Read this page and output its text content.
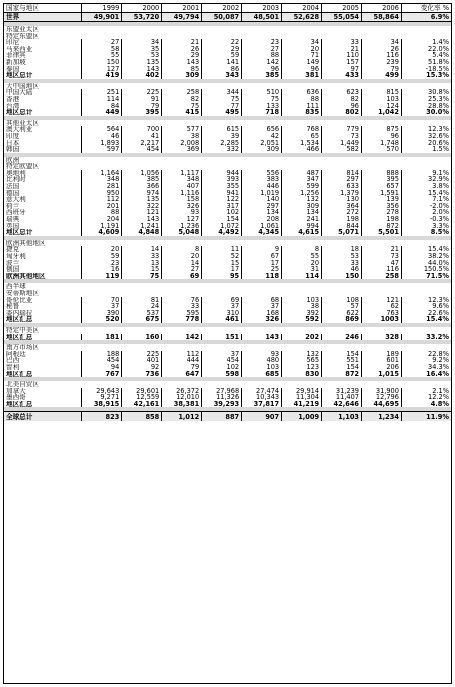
国家与地区	1999	2000	2001	2002	2003	2004	2005	2006	变化率 %
世界	49,901	53,720	49,794	50,087	48,501	52,628	55,054	58,864	6.9%

东盟亚太区									
特定东盟区									
印尼	27	34	21	22	23	34	33	34	1.4%
马来西亚	58	35	26	29	27	20	21	26	22.0%
菲律宾	55	53	29	59	88	71	110	116	5.4%
新加坡	150	135	143	141	142	149	157	239	51.8%
泰国	127	143	85	86	96	96	97	79	-18.5%
地区总计	419	402	309	343	385	381	433	499	15.3%

大中国地区									
中国大陆	251	225	258	344	510	636	623	815	30.8%
香港	114	91	82	75	75	88	82	103	25.3%
台湾	84	79	75	77	133	111	96	124	28.8%
地区总计	449	395	415	495	718	835	802	1,042	30.0%

其他亚太区									
澳大利亚	564	700	577	615	656	768	779	875	12.3%
印度	46	41	38	39	42	65	73	96	32.6%
日本	1,893	2,217	2,008	2,285	2,051	1,534	1,449	1,748	20.6%
韩国	597	454	369	332	309	466	582	570	1.5%

欧洲									
特定欧盟区									
奥地利	1,164	1,056	1,117	944	556	487	814	888	9.1%
比利时	348	385	348	393	383	347	297	395	32.9%
法国	281	366	407	355	446	599	633	657	3.8%
德国	950	974	1,116	941	1,019	1,256	1,379	1,591	15.4%
意大利	112	135	158	122	140	132	130	139	7.1%
荷兰	201	322	326	317	297	309	364	356	-2.0%
西班牙	88	121	93	102	134	134	272	278	2.0%
瑞典	204	143	127	154	208	241	198	198	-0.3%
英国	1,191	1,241	1,236	1,072	1,061	994	844	872	3.3%
地区总计	4,609	4,848	5,048	4,492	4,345	4,615	5,071	5,501	8.5%

欧洲其他地区									
捷克	20	14	8	11	9	8	18	21	15.4%
匈牙利	59	33	20	52	67	55	53	73	38.2%
波兰	23	13	14	15	17	20	33	47	44.0%
俄国	16	15	27	17	25	31	46	116	150.5%
欧洲其他地区	119	75	69	95	118	114	150	258	71.5%

西半球									
安蒂斯地区									
哥伦比亚	70	81	76	69	68	103	108	121	12.3%
秘鲁	37	24	33	37	37	38	57	62	9.6%
委内瑞拉	390	537	595	310	168	392	622	763	22.6%
地区汇总	520	675	778	461	326	592	869	1003	15.4%

特定中美区									
地区汇总	181	160	142	151	143	202	246	328	33.2%

南方市场区									
阿根廷	188	225	112	37	93	132	154	189	22.8%
巴西	454	401	444	454	480	565	551	601	9.2%
智利	94	92	79	102	103	123	154	206	34.3%
地区汇总	767	736	647	598	685	830	872	1,015	16.4%

北美自贸区									
加拿大	29,643	29,601	26,372	27,968	27,474	29,914	31,239	31,900	2.1%
墨西哥	9,271	12,559	12,010	11,326	10,343	11,304	11,407	12,796	12.2%
地区汇总	38,915	42,161	38,381	39,293	37,817	41,219	42,646	44,695	4.8%

全球总计	823	858	1,012	887	907	1,009	1,103	1,234	11.9%
